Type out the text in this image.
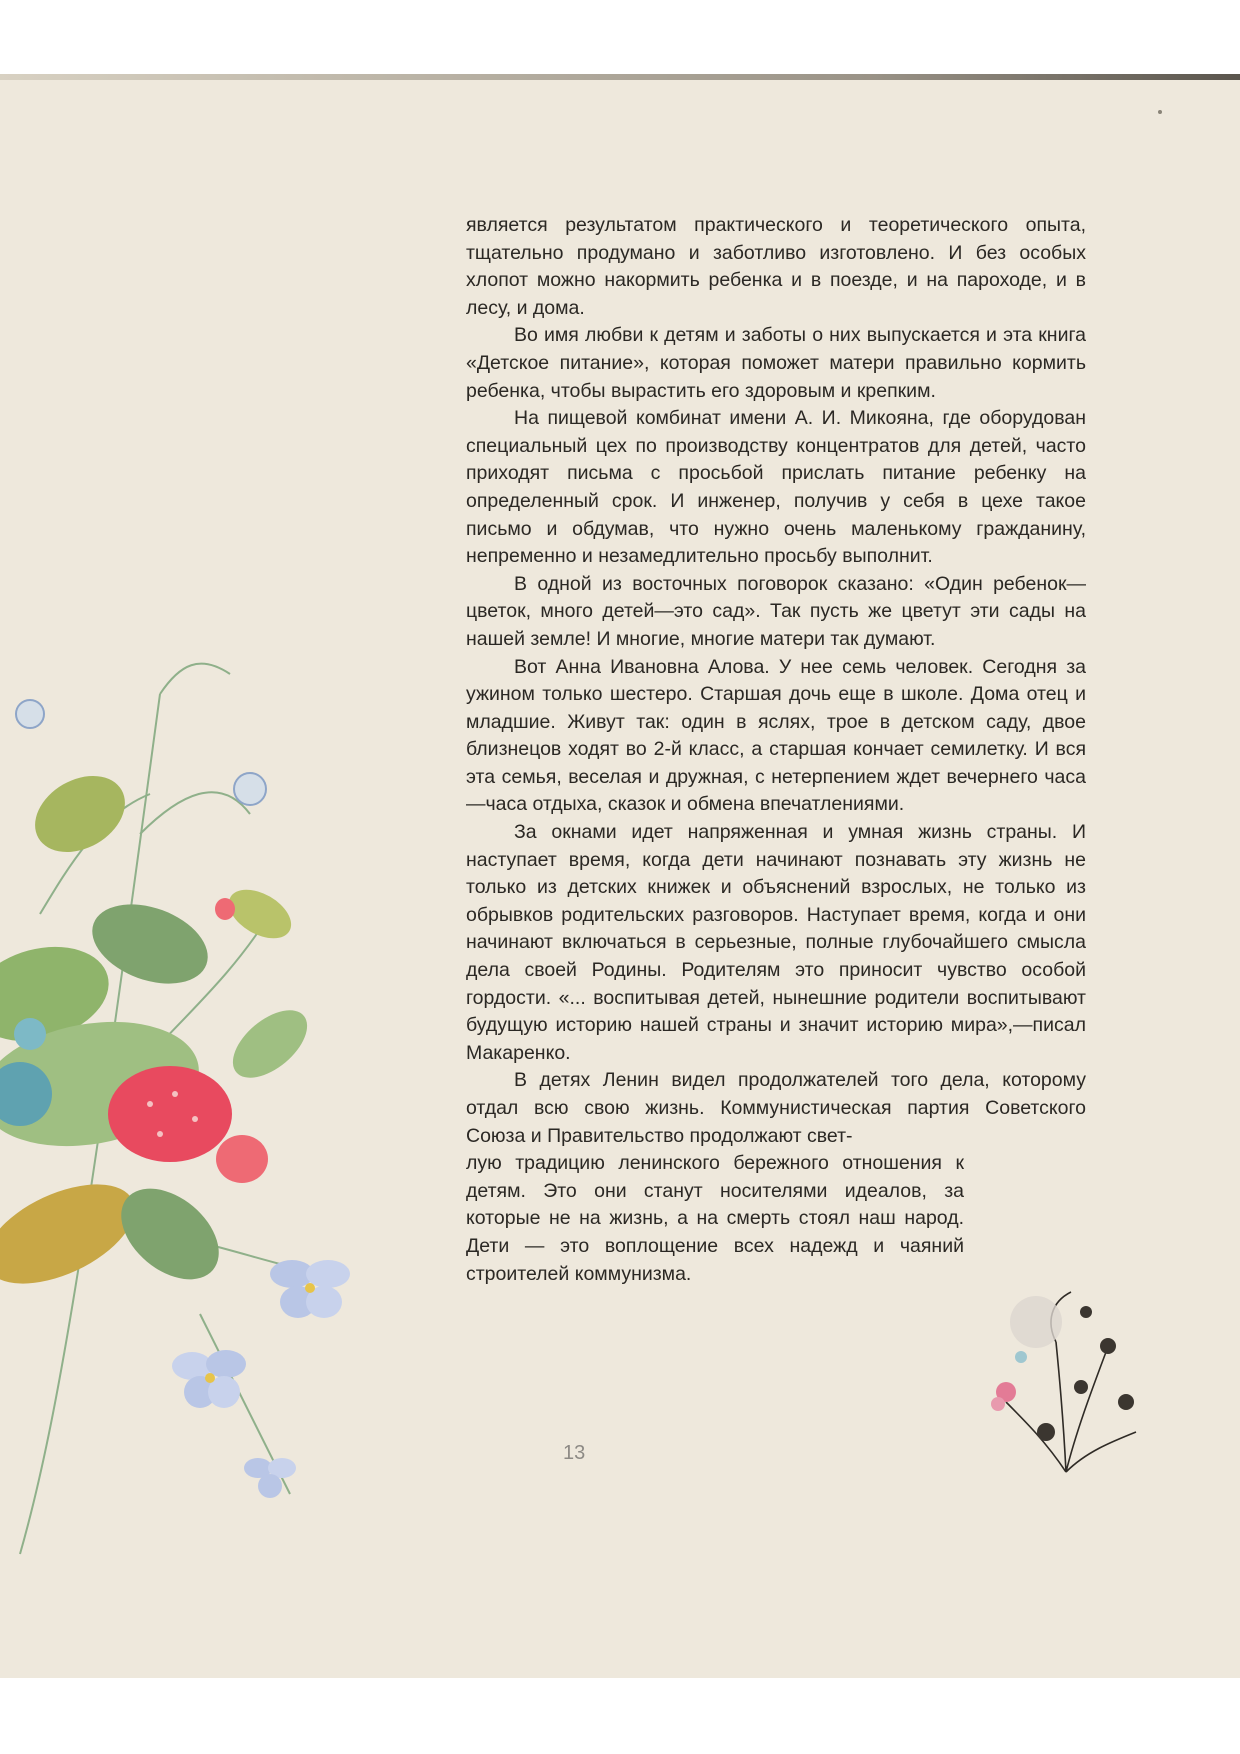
является результатом практического и теоретического опыта, тщательно продумано и заботливо изготовлено. И без особых хлопот можно накормить ребенка и в поезде, и на пароходе, и в лесу, и дома.

Во имя любви к детям и заботы о них выпускается и эта книга «Детское питание», которая поможет матери правильно кормить ребенка, чтобы вырастить его здоровым и крепким.

На пищевой комбинат имени А. И. Микояна, где оборудован специальный цех по производству концентратов для детей, часто приходят письма с просьбой прислать питание ребенку на определенный срок. И инженер, получив у себя в цехе такое письмо и обдумав, что нужно очень маленькому гражданину, непременно и незамедлительно просьбу выполнит.

В одной из восточных поговорок сказано: «Один ребенок—цветок, много детей—это сад». Так пусть же цветут эти сады на нашей земле! И многие, многие матери так думают.

Вот Анна Ивановна Алова. У нее семь человек. Сегодня за ужином только шестеро. Старшая дочь еще в школе. Дома отец и младшие. Живут так: один в яслях, трое в детском саду, двое близнецов ходят во 2-й класс, а старшая кончает семилетку. И вся эта семья, веселая и дружная, с нетерпением ждет вечернего часа—часа отдыха, сказок и обмена впечатлениями.

За окнами идет напряженная и умная жизнь страны. И наступает время, когда дети начинают познавать эту жизнь не только из детских книжек и объяснений взрослых, не только из обрывков родительских разговоров. Наступает время, когда и они начинают включаться в серьезные, полные глубочайшего смысла дела своей Родины. Родителям это приносит чувство особой гордости. «... воспитывая детей, нынешние родители воспитывают будущую историю нашей страны и значит историю мира»,—писал Макаренко.

В детях Ленин видел продолжателей того дела, которому отдал всю свою жизнь. Коммунистическая партия Советского Союза и Правительство продолжают свет-

лую традицию ленинского бережного отношения к детям. Это они станут носителями идеалов, за которые не на жизнь, а на смерть стоял наш народ. Дети — это воплощение всех надежд и чаяний строителей коммунизма.

13
